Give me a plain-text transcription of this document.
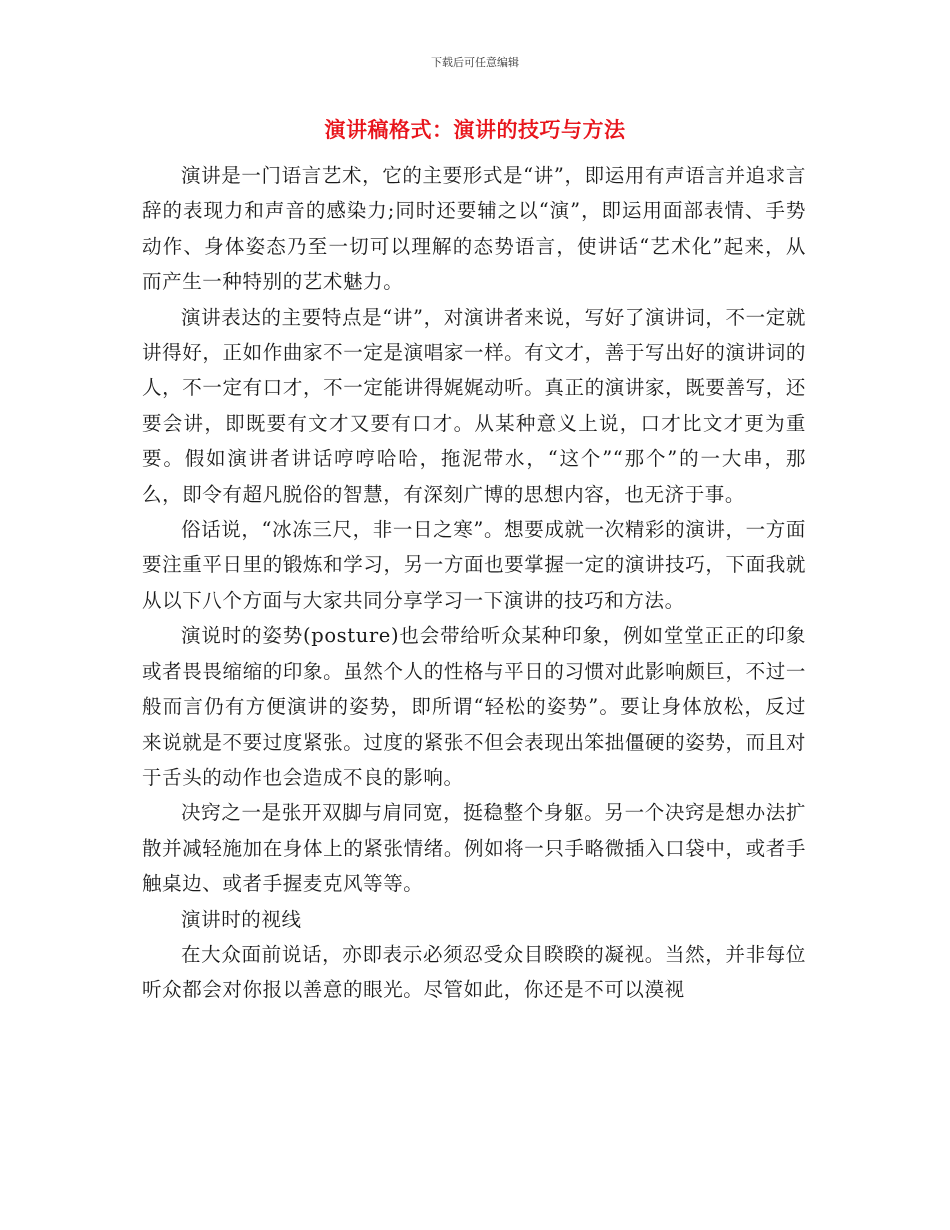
下载后可任意编辑
演讲稿格式：演讲的技巧与方法

演讲是一门语言艺术，它的主要形式是“讲”，即运用有声语言并追求言辞的表现力和声音的感染力;同时还要辅之以“演”，即运用面部表情、手势动作、身体姿态乃至一切可以理解的态势语言，使讲话“艺术化”起来，从而产生一种特别的艺术魅力。

演讲表达的主要特点是“讲”，对演讲者来说，写好了演讲词，不一定就讲得好，正如作曲家不一定是演唱家一样。有文才，善于写出好的演讲词的人，不一定有口才，不一定能讲得娓娓动听。真正的演讲家，既要善写，还要会讲，即既要有文才又要有口才。从某种意义上说，口才比文才更为重要。假如演讲者讲话哼哼哈哈，拖泥带水，“这个”“那个”的一大串，那么，即令有超凡脱俗的智慧，有深刻广博的思想内容，也无济于事。

俗话说，“冰冻三尺，非一日之寒”。想要成就一次精彩的演讲，一方面要注重平日里的锻炼和学习，另一方面也要掌握一定的演讲技巧，下面我就从以下八个方面与大家共同分享学习一下演讲的技巧和方法。

演说时的姿势(posture)也会带给听众某种印象，例如堂堂正正的印象或者畏畏缩缩的印象。虽然个人的性格与平日的习惯对此影响颇巨，不过一般而言仍有方便演讲的姿势，即所谓“轻松的姿势”。要让身体放松，反过来说就是不要过度紧张。过度的紧张不但会表现出笨拙僵硬的姿势，而且对于舌头的动作也会造成不良的影响。

决窍之一是张开双脚与肩同宽，挺稳整个身躯。另一个决窍是想办法扩散并减轻施加在身体上的紧张情绪。例如将一只手略微插入口袋中，或者手触桌边、或者手握麦克风等等。

演讲时的视线

在大众面前说话，亦即表示必须忍受众目睽睽的凝视。当然，并非每位听众都会对你报以善意的眼光。尽管如此，你还是不可以漠视
